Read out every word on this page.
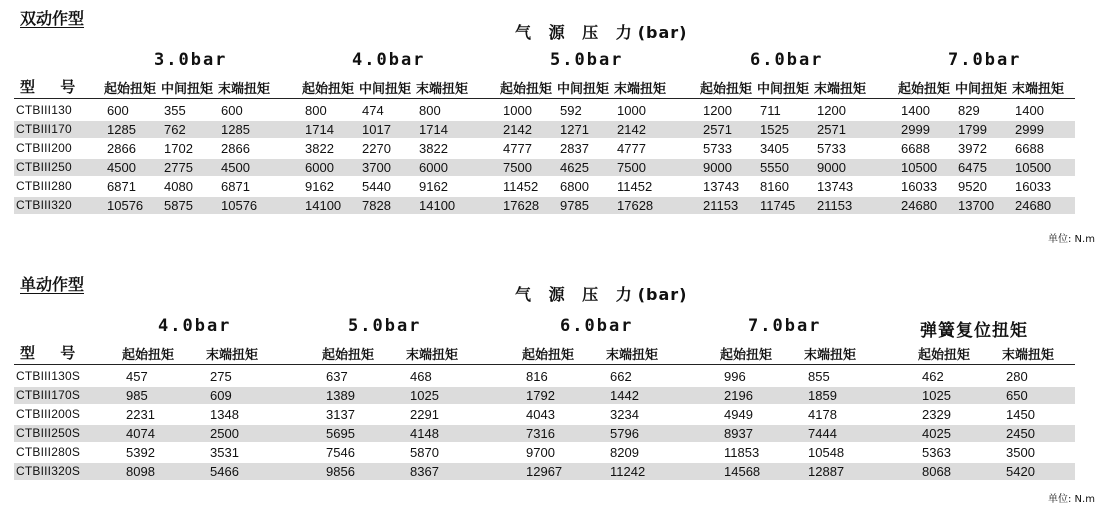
双动作型
气 源 压 力(bar)
3.0bar	4.0bar	5.0bar	6.0bar	7.0bar
型 号 起始扭矩 中间扭矩 末端扭矩 起始扭矩 中间扭矩 末端扭矩 起始扭矩 中间扭矩 末端扭矩	起始扭矩 中间扭矩 末端扭矩 起始扭矩 中间扭矩 末端扭矩
CTBIII130	600	355	600	800	474	800	1000 592	1000	1200 711	1200	1400 829	1400
CTBIII170	1285 762	1285	1714 1017 1714	2142 1271 2142	2571 1525 2571	2999 1799 2999
CTBIII200	2866 1702 2866	3822 2270 3822	4777 2837 4777	5733 3405 5733	6688 3972 6688
CTBIII250	4500 2775 4500	6000 3700 6000	7500 4625 7500	9000 5550 9000	10500 6475 10500
CTBIII280	6871 4080 6871	9162 5440 9162	11452 6800 11452	13743 8160 13743	16033 9520 16033
CTBIII320	10576 5875 10576	14100 7828 14100	17628 9785 17628	21153 11745 21153	24680 13700 24680
单位: N.m
单动作型
气 源 压 力(bar)
4.0bar	5.0bar	6.0bar	7.0bar	弹簧复位扭矩
型 号	起始扭矩 末端扭矩	起始扭矩 末端扭矩	起始扭矩 末端扭矩	起始扭矩 末端扭矩	起始扭矩 末端扭矩
CTBIII130S	457	275	637	468	816	662	996	855	462	280
CTBIII170S	985	609	1389	1025	1792	1442	2196	1859	1025	650
CTBIII200S	2231	1348	3137	2291	4043	3234	4949	4178	2329	1450
CTBIII250S	4074	2500	5695	4148	7316	5796	8937	7444	4025	2450
CTBIII280S	5392	3531	7546	5870	9700	8209	11853	10548	5363	3500
CTBIII320S	8098	5466	9856	8367	12967	11242	14568	12887	8068	5420
单位: N.m
